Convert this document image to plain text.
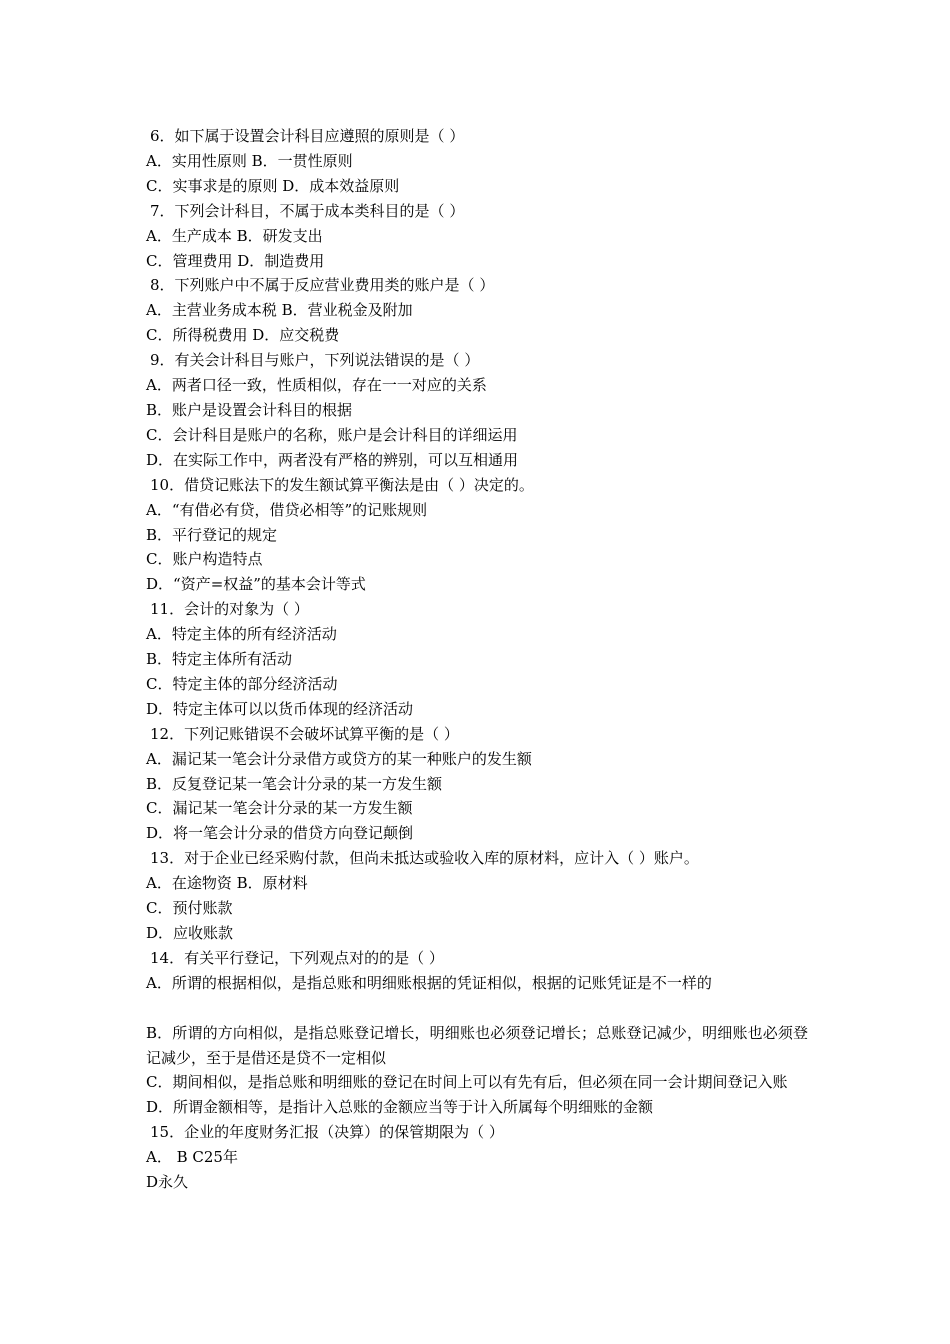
6．如下属于设置会计科目应遵照的原则是（ ）

A．实用性原则 B．一贯性原则

C．实事求是的原则 D．成本效益原则

7．下列会计科目，不属于成本类科目的是（ ）

A．生产成本 B．研发支出

C．管理费用 D．制造费用

8．下列账户中不属于反应营业费用类的账户是（ ）

A．主营业务成本税 B．营业税金及附加

C．所得税费用 D．应交税费

9．有关会计科目与账户，下列说法错误的是（ ）

A．两者口径一致，性质相似，存在一一对应的关系

B．账户是设置会计科目的根据

C．会计科目是账户的名称，账户是会计科目的详细运用

D．在实际工作中，两者没有严格的辨别，可以互相通用

10．借贷记账法下的发生额试算平衡法是由（ ）决定的。

A．“有借必有贷，借贷必相等”的记账规则

B．平行登记的规定

C．账户构造特点

D．“资产=权益”的基本会计等式

11．会计的对象为（ ）

A．特定主体的所有经济活动

B．特定主体所有活动

C．特定主体的部分经济活动

D．特定主体可以以货币体现的经济活动

12．下列记账错误不会破坏试算平衡的是（ ）

A．漏记某一笔会计分录借方或贷方的某一种账户的发生额

B．反复登记某一笔会计分录的某一方发生额

C．漏记某一笔会计分录的某一方发生额

D．将一笔会计分录的借贷方向登记颠倒

13．对于企业已经采购付款，但尚未抵达或验收入库的原材料，应计入（ ）账户。

A．在途物资 B．原材料

C．预付账款

D．应收账款

14．有关平行登记，下列观点对的的是（ ）

A．所谓的根据相似，是指总账和明细账根据的凭证相似，根据的记账凭证是不一样的

B．所谓的方向相似，是指总账登记增长，明细账也必须登记增长；总账登记减少，明细账也必须登记减少，至于是借还是贷不一定相似

C．期间相似，是指总账和明细账的登记在时间上可以有先有后，但必须在同一会计期间登记入账

D．所谓金额相等，是指计入总账的金额应当等于计入所属每个明细账的金额

15．企业的年度财务汇报（决算）的保管期限为（ ）

A． B C25年

D永久
